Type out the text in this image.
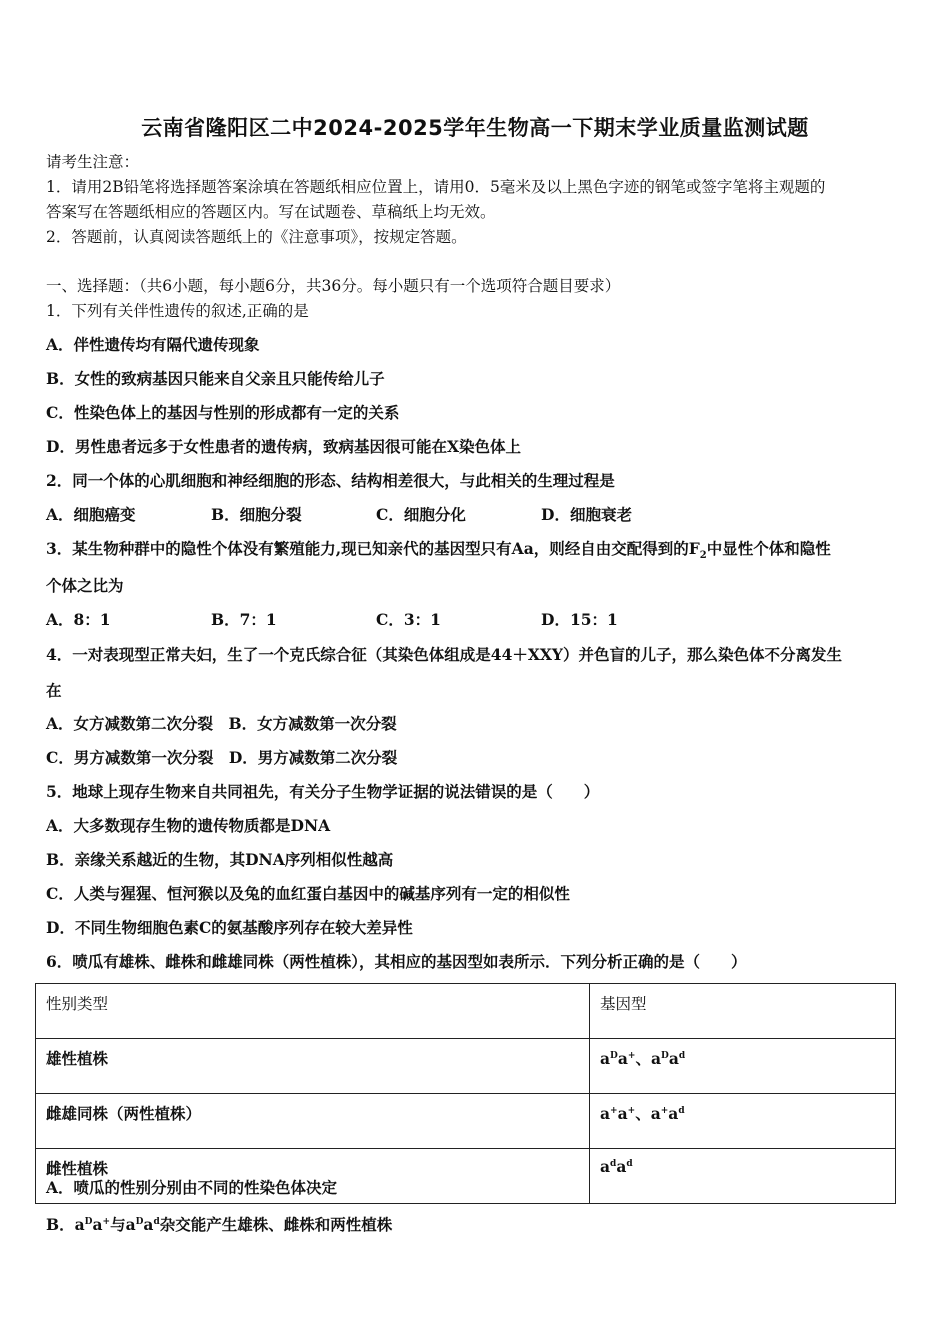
云南省隆阳区二中2024-2025学年生物高一下期末学业质量监测试题
请考生注意：
1．请用2B铅笔将选择题答案涂填在答题纸相应位置上，请用0．5毫米及以上黑色字迹的钢笔或签字笔将主观题的
答案写在答题纸相应的答题区内。写在试题卷、草稿纸上均无效。
2．答题前，认真阅读答题纸上的《注意事项》，按规定答题。
一、选择题：（共6小题，每小题6分，共36分。每小题只有一个选项符合题目要求）
1．下列有关伴性遗传的叙述,正确的是
A．伴性遗传均有隔代遗传现象
B．女性的致病基因只能来自父亲且只能传给儿子
C．性染色体上的基因与性别的形成都有一定的关系
D．男性患者远多于女性患者的遗传病，致病基因很可能在X染色体上
2．同一个体的心肌细胞和神经细胞的形态、结构相差很大，与此相关的生理过程是
A．细胞癌变	B．细胞分裂	C．细胞分化	D．细胞衰老
3．某生物种群中的隐性个体没有繁殖能力,现已知亲代的基因型只有Aa，则经自由交配得到的$F_2$中显性个体和隐性
个体之比为
A．8：1	B．7：1	C．3：1	D．15：1
4．一对表现型正常夫妇，生了一个克氏综合征（其染色体组成是44＋XXY）并色盲的儿子，那么染色体不分离发生
在
A．女方减数第二次分裂　B．女方减数第一次分裂
C．男方减数第一次分裂　D．男方减数第二次分裂
5．地球上现存生物来自共同祖先，有关分子生物学证据的说法错误的是（　　）
A．大多数现存生物的遗传物质都是DNA
B．亲缘关系越近的生物，其DNA序列相似性越高
C．人类与猩猩、恒河猴以及兔的血红蛋白基因中的碱基序列有一定的相似性
D．不同生物细胞色素C的氨基酸序列存在较大差异性
6．喷瓜有雄株、雌株和雌雄同株（两性植株），其相应的基因型如表所示．下列分析正确的是（　　）
性别类型	基因型
雄性植株	$a^Da^+$、$a^Da^d$
雌雄同株（两性植株）	a+a+、$a^+a^d$
雌性植株	$a^da^d$
A．喷瓜的性别分别由不同的性染色体决定
B．$a^Da^+$与$a^Da^d$杂交能产生雄株、雌株和两性植株
